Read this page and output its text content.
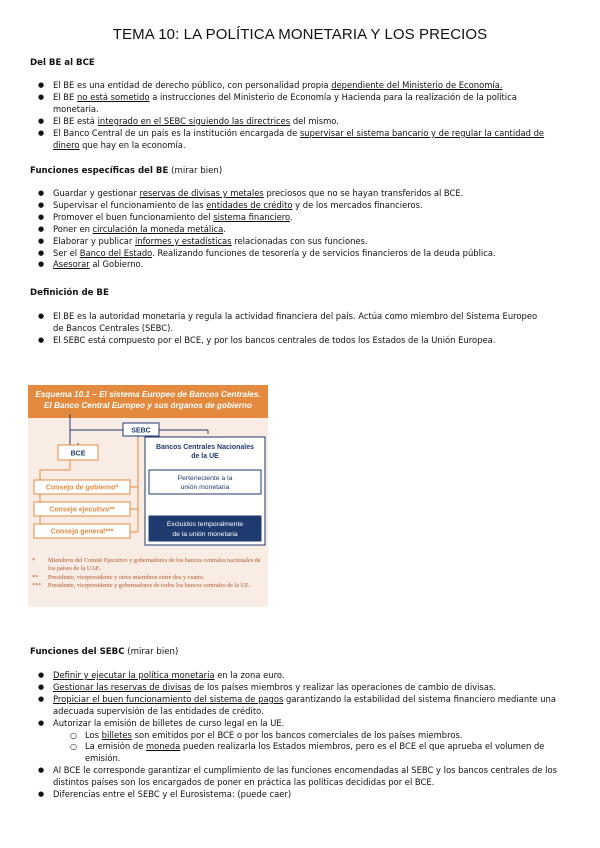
TEMA 10: LA POLÍTICA MONETARIA Y LOS PRECIOS
Del BE al BCE
● El BE es una entidad de derecho público, con personalidad propia dependiente del Ministerio de Economía.
● El BE no está sometido a instrucciones del Ministerio de Economía y Hacienda para la realización de la política monetaria.
● El BE está integrado en el SEBC siguiendo las directrices del mismo.
● El Banco Central de un país es la institución encargada de supervisar el sistema bancario y de regular la cantidad de dinero que hay en la economía.
Funciones específicas del BE (mirar bien)
● Guardar y gestionar reservas de divisas y metales preciosos que no se hayan transferidos al BCE.
● Supervisar el funcionamiento de las entidades de crédito y de los mercados financieros.
● Promover el buen funcionamiento del sistema financiero.
● Poner en circulación la moneda metálica.
● Elaborar y publicar informes y estadísticas relacionadas con sus funciones.
● Ser el Banco del Estado. Realizando funciones de tesorería y de servicios financieros de la deuda pública.
● Asesorar al Gobierno.
Definición de BE
● El BE es la autoridad monetaria y regula la actividad financiera del país. Actúa como miembro del Sistema Europeo de Bancos Centrales (SEBC).
● El SEBC está compuesto por el BCE, y por los bancos centrales de todos los Estados de la Unión Europea.
Esquema 10.1 – El sistema Europeo de Bancos Centrales.
El Banco Central Europeo y sus órganos de gobierno
SEBC
BCE
Bancos Centrales Nacionales
de la UE
Consejo de gobierno*
Consejo ejecutivo**
Consejo general***
Perteneciente a la
unión monetaria
Excluidos temporalmente
de la unión monetaria
* Miembros del Comité Ejecutivo y gobernadores de los bancos centrales nacionales de los países de la UAE.
** Presidente, vicepresidente y otros miembros entre dos y cuatro.
*** Presidente, vicepresidente y gobernadores de todos los bancos centrales de la UE.
Funciones del SEBC (mirar bien)
● Definir y ejecutar la política monetaria en la zona euro.
● Gestionar las reservas de divisas de los países miembros y realizar las operaciones de cambio de divisas.
● Propiciar el buen funcionamiento del sistema de pagos garantizando la estabilidad del sistema financiero mediante una adecuada supervisión de las entidades de crédito.
● Autorizar la emisión de billetes de curso legal en la UE.
○ Los billetes son emitidos por el BCE o por los bancos comerciales de los países miembros.
○ La emisión de moneda pueden realizarla los Estados miembros, pero es el BCE el que aprueba el volumen de emisión.
● Al BCE le corresponde garantizar el cumplimiento de las funciones encomendadas al SEBC y los bancos centrales de los distintos países son los encargados de poner en práctica las políticas decididas por el BCE.
● Diferencias entre el SEBC y el Eurosistema: (puede caer)
